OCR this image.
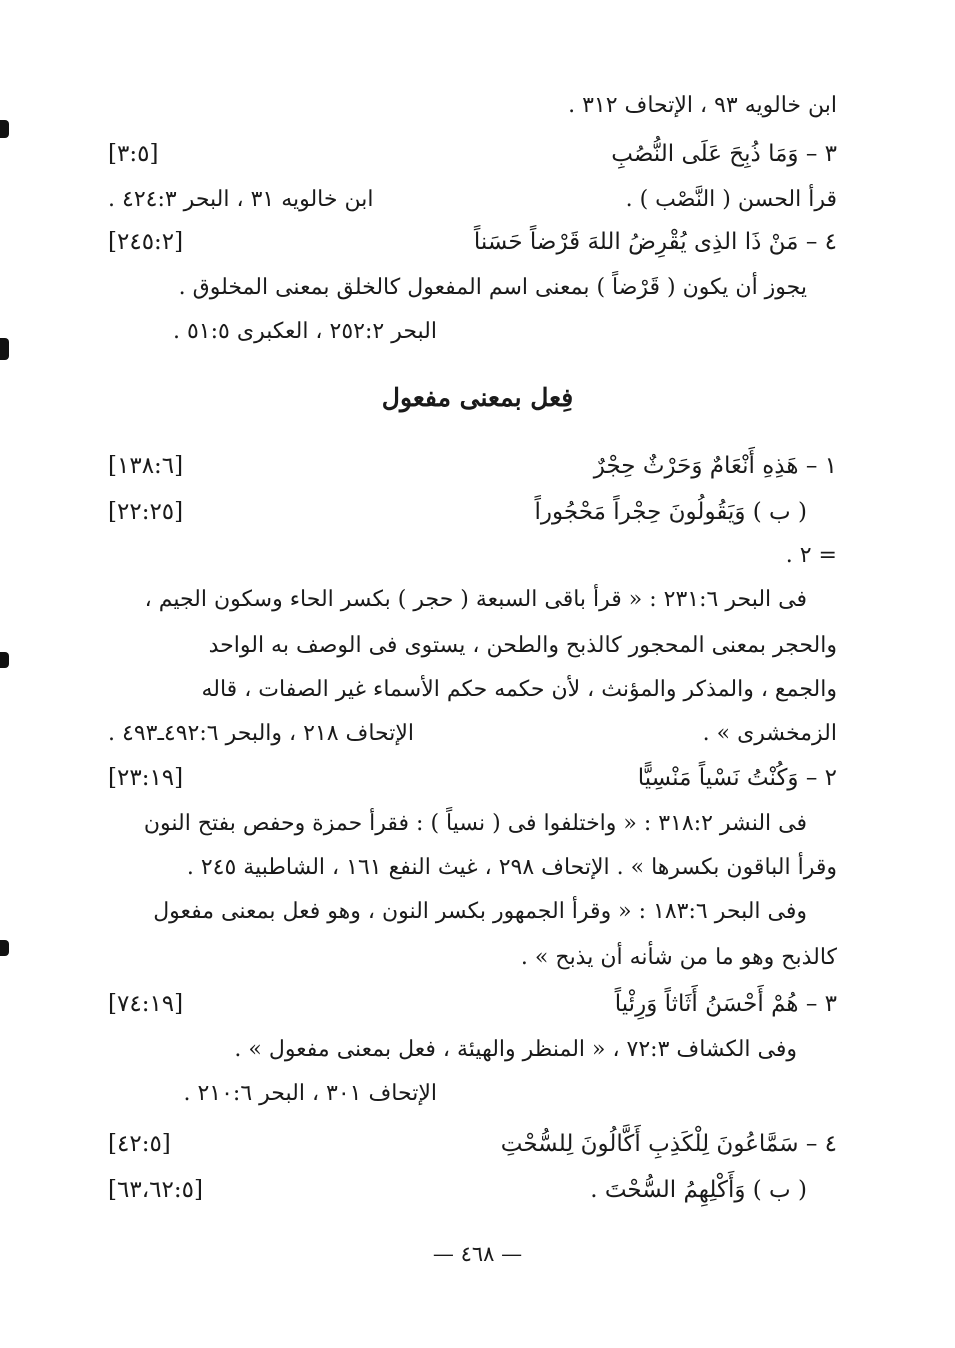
ابن خالويه ٩٣ ، الإتحاف ٣١٢ .
٣ – وَمَا ذُبِحَ عَلَى النُّصُبِ
[٣:٥]
قرأ الحسن ( النَّصْب ) .
ابن خالويه ٣١ ، البحر ٤٢٤:٣ .
٤ – مَنْ ذَا الذِى يُقْرِضُ اللهَ قَرْضاً حَسَناً
[٢٤٥:٢]
يجوز أن يكون ( قَرْضاً ) بمعنى اسم المفعول كالخلق بمعنى المخلوق .
البحر ٢٥٢:٢ ، العكبرى ٥١:٥ .
فِعل بمعنى مفعول
١ – هَذِهِ أَنْعَامٌ وَحَرْثٌ حِجْرٌ
[١٣٨:٦]
( ب ) وَيَقُولُونَ حِجْراً مَحْجُوراً
[٢٢:٢٥]
= ٢ .
فى البحر ٢٣١:٦ : « قرأ باقى السبعة ( حجر ) بكسر الحاء وسكون الجيم ،
والحجر بمعنى المحجور كالذبح والطحن ، يستوى فى الوصف به الواحد
والجمع ، والمذكر والمؤنث ، لأن حكمه حكم الأسماء غير الصفات ، قاله
الزمخشرى » .
الإتحاف ٢١٨ ، والبحر ٤٩٢:٦ـ٤٩٣ .
٢ – وَكُنْتُ نَسْياً مَنْسِيًّا
[٢٣:١٩]
فى النشر ٣١٨:٢ : « واختلفوا فى ( نسياً ) : فقرأ حمزة وحفص بفتح النون
وقرأ الباقون بكسرها » . الإتحاف ٢٩٨ ، غيث النفع ١٦١ ، الشاطبية ٢٤٥ .
وفى البحر ١٨٣:٦ : « وقرأ الجمهور بكسر النون ، وهو فعل بمعنى مفعول
كالذبح وهو ما من شأنه أن يذبح » .
٣ – هُمْ أَحْسَنُ أَثَاثاً وَرِئْياً
[٧٤:١٩]
وفى الكشاف ٧٢:٣ ، « المنظر والهيئة ، فعل بمعنى مفعول » .
الإتحاف ٣٠١ ، البحر ٢١٠:٦ .
٤ – سَمَّاعُونَ لِلْكَذِبِ أَكَّالُونَ لِلسُّحْتِ
[٤٢:٥]
( ب ) وَأَكْلِهِمُ السُّحْتَ .
[٦٣،٦٢:٥]
— ٤٦٨ —
